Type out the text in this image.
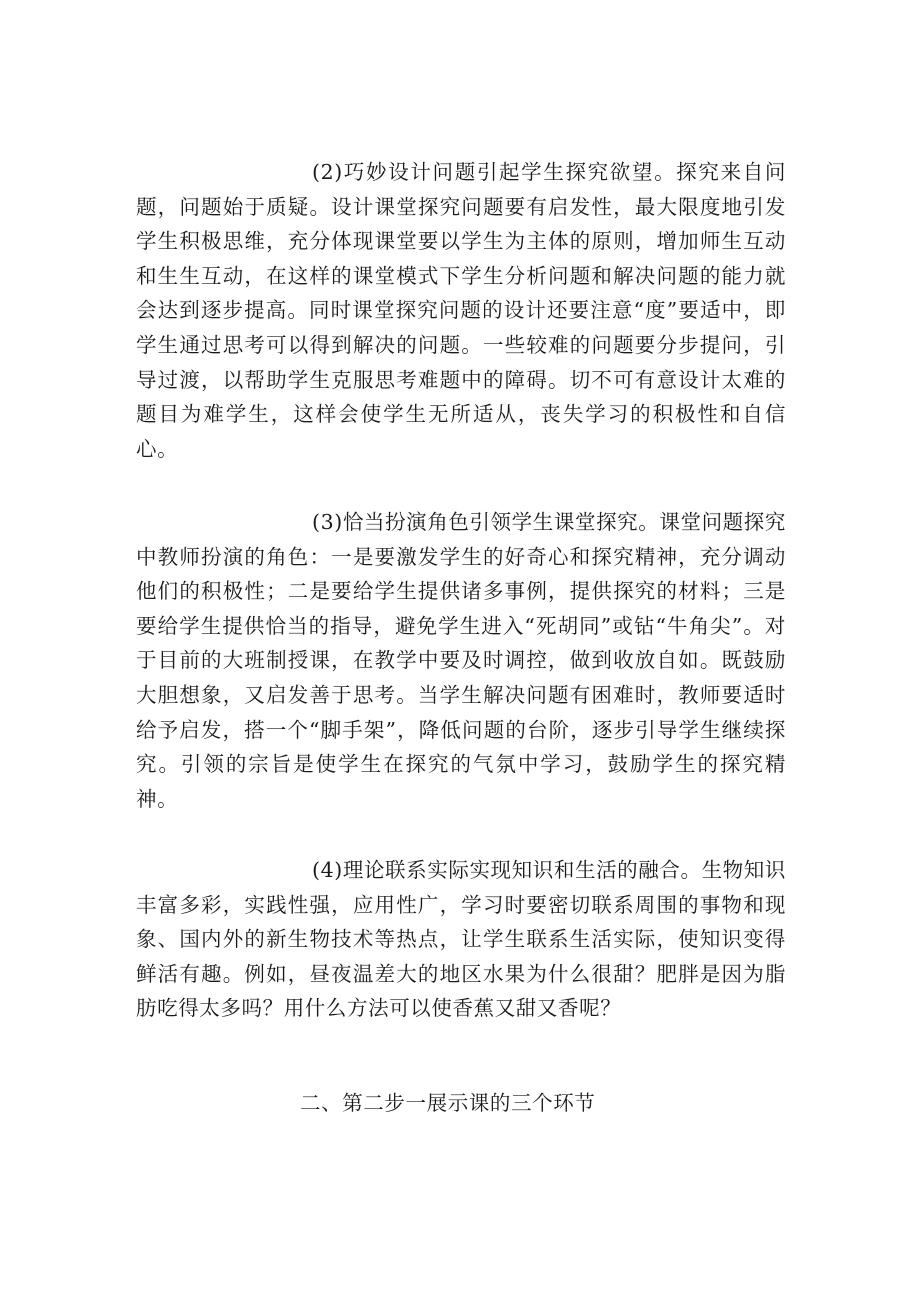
(2)巧妙设计问题引起学生探究欲望。探究来自问题，问题始于质疑。设计课堂探究问题要有启发性，最大限度地引发学生积极思维，充分体现课堂要以学生为主体的原则，增加师生互动和生生互动，在这样的课堂模式下学生分析问题和解决问题的能力就会达到逐步提高。同时课堂探究问题的设计还要注意“度”要适中，即学生通过思考可以得到解决的问题。一些较难的问题要分步提问，引导过渡，以帮助学生克服思考难题中的障碍。切不可有意设计太难的题目为难学生，这样会使学生无所适从，丧失学习的积极性和自信心。

(3)恰当扮演角色引领学生课堂探究。课堂问题探究中教师扮演的角色：一是要激发学生的好奇心和探究精神，充分调动他们的积极性；二是要给学生提供诸多事例，提供探究的材料；三是要给学生提供恰当的指导，避免学生进入“死胡同”或钻“牛角尖”。对于目前的大班制授课，在教学中要及时调控，做到收放自如。既鼓励大胆想象，又启发善于思考。当学生解决问题有困难时，教师要适时给予启发，搭一个“脚手架”，降低问题的台阶，逐步引导学生继续探究。引领的宗旨是使学生在探究的气氛中学习，鼓励学生的探究精神。

(4)理论联系实际实现知识和生活的融合。生物知识丰富多彩，实践性强，应用性广，学习时要密切联系周围的事物和现象、国内外的新生物技术等热点，让学生联系生活实际，使知识变得鲜活有趣。例如，昼夜温差大的地区水果为什么很甜？肥胖是因为脂肪吃得太多吗？用什么方法可以使香蕉又甜又香呢？

二、第二步一展示课的三个环节
